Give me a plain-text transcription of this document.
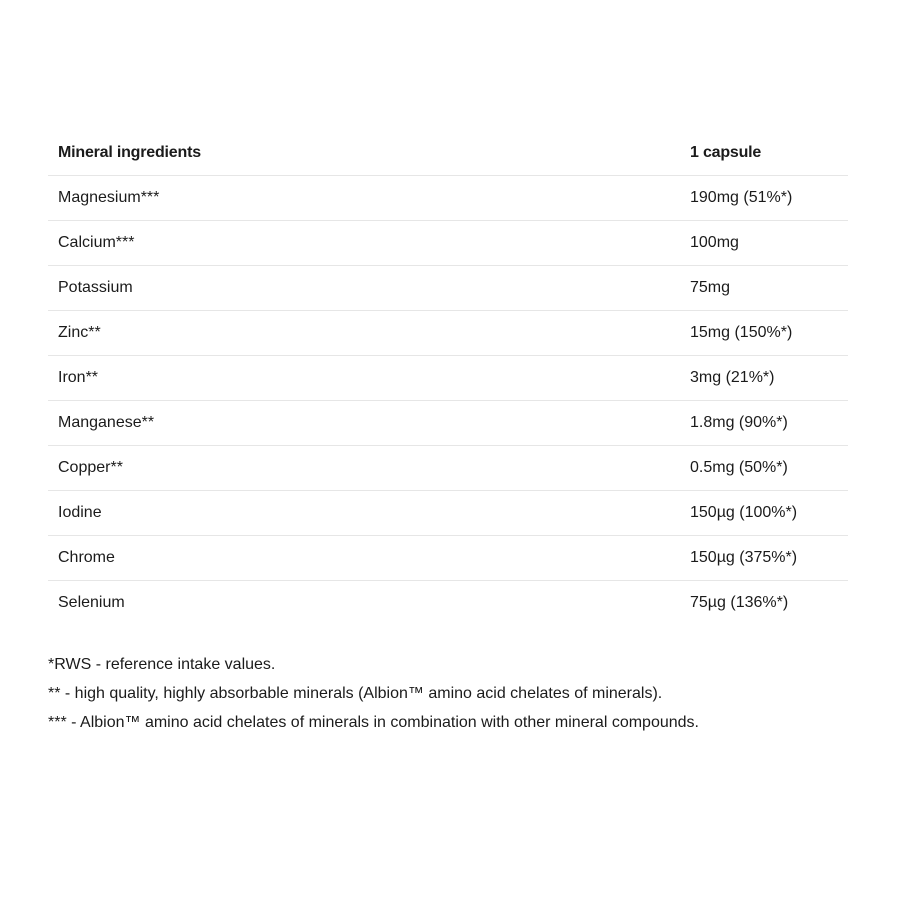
Mineral ingredients	1 capsule
Magnesium***	190mg (51%*)
Calcium***	100mg
Potassium	75mg
Zinc**	15mg (150%*)
Iron**	3mg (21%*)
Manganese**	1.8mg (90%*)
Copper**	0.5mg (50%*)
Iodine	150µg (100%*)
Chrome	150µg (375%*)
Selenium	75µg (136%*)

*RWS - reference intake values.

** - high quality, highly absorbable minerals (Albion™ amino acid chelates of minerals).

*** - Albion™ amino acid chelates of minerals in combination with other mineral compounds.
